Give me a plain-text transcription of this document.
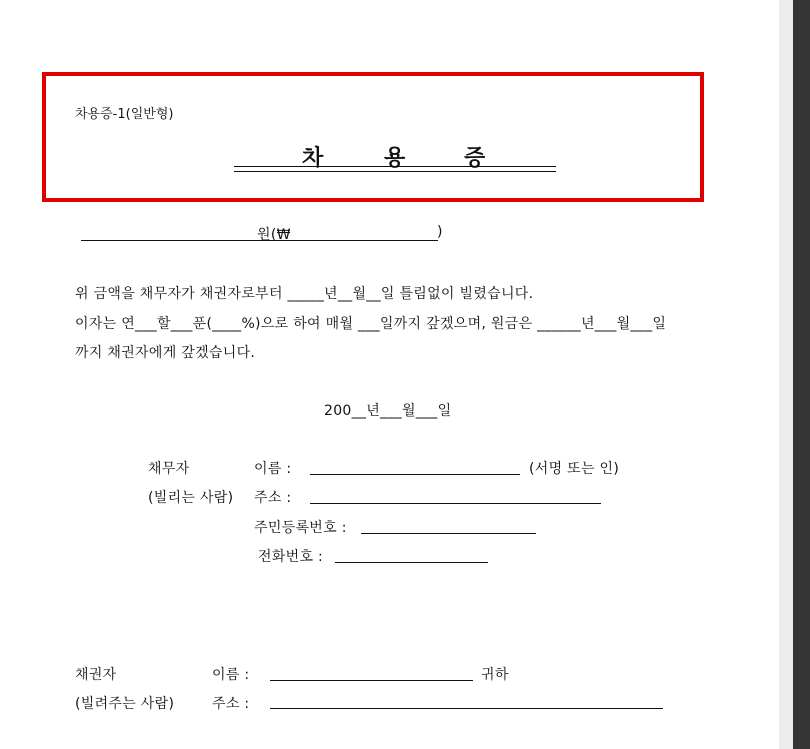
차용증-1(일반형)
차	용	증
원(₩	)
위 금액을 채무자가 채권자로부터 _____년__월__일 틀림없이 빌렸습니다.
이자는 연___할___푼(____%)으로 하여 매월 ___일까지 갚겠으며, 원금은 ______년___월___일
까지 채권자에게 갚겠습니다.
200__년___월___일
채무자	이름 :	(서명 또는 인)
(빌리는 사람) 주소 :
주민등록번호 :
전화번호 :
채권자	이름 :	귀하
(빌려주는 사람)	주소 :
